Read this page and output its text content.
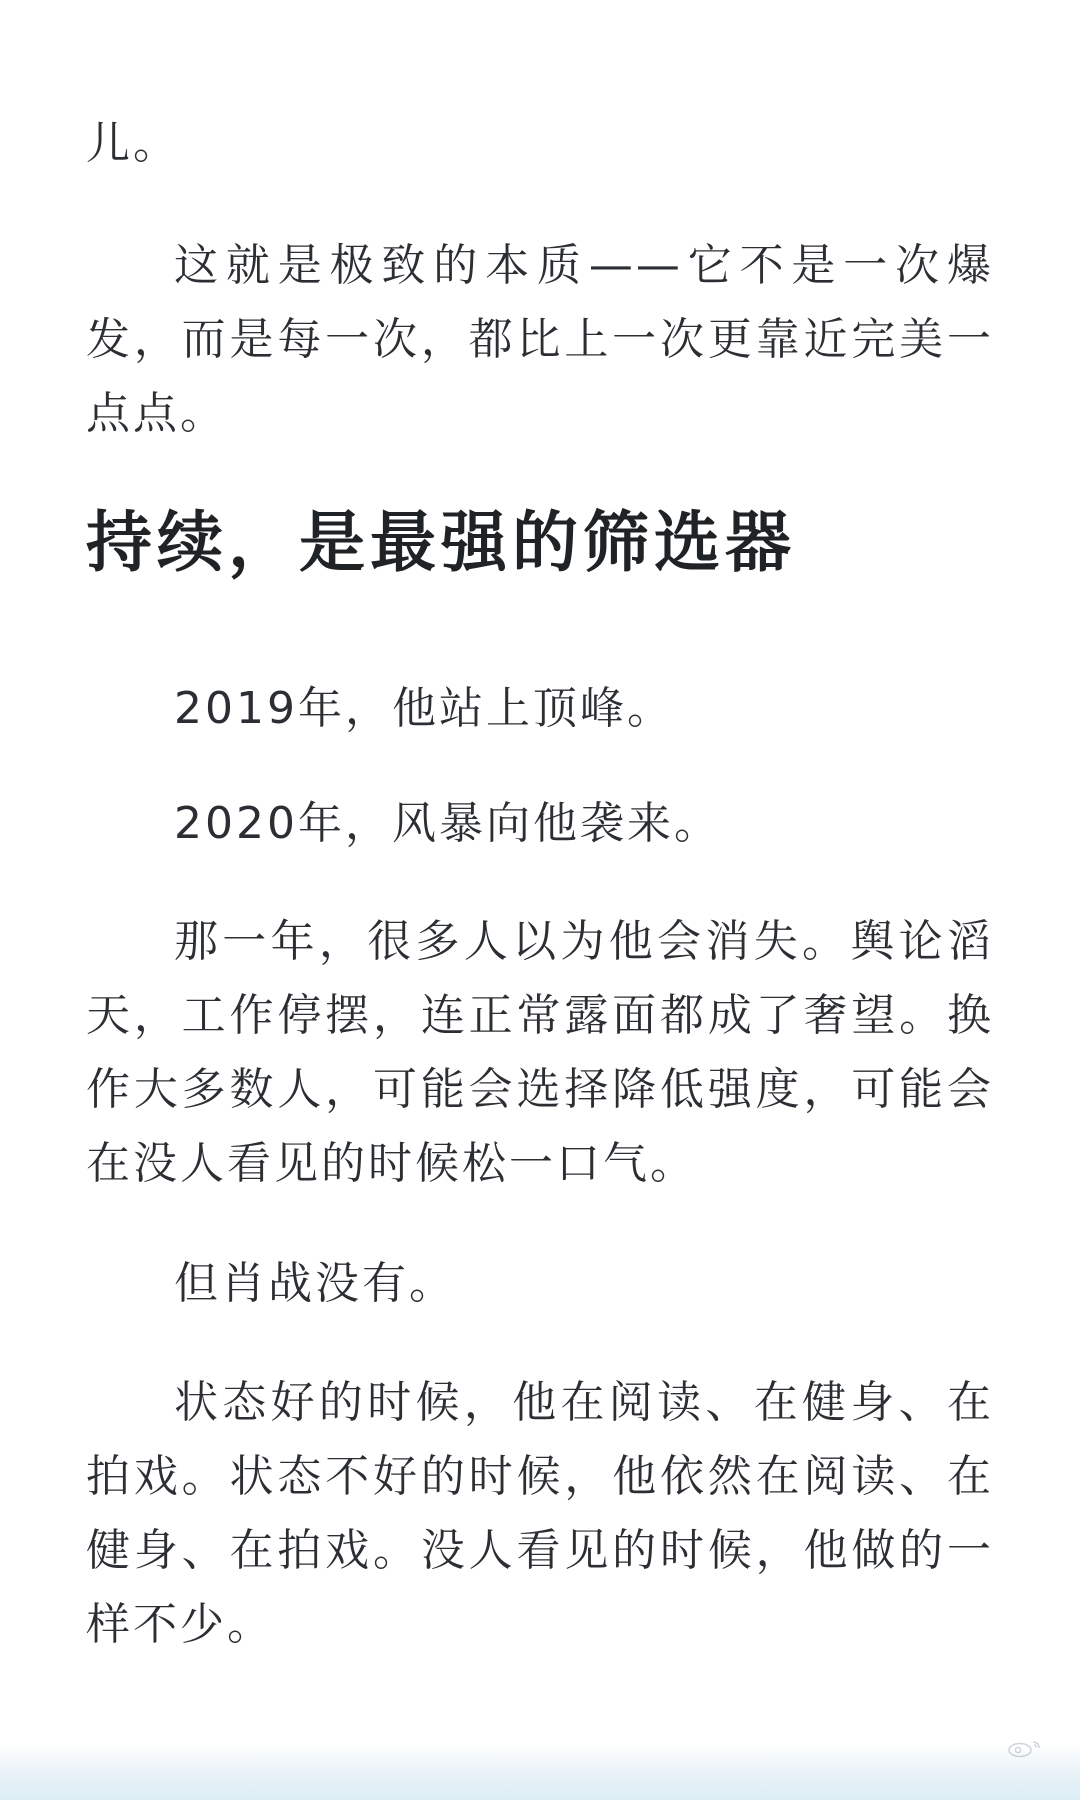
儿。

这就是极致的本质——它不是一次爆发，而是每一次，都比上一次更靠近完美一点点。

持续，是最强的筛选器

2019年，他站上顶峰。

2020年，风暴向他袭来。

那一年，很多人以为他会消失。舆论滔天，工作停摆，连正常露面都成了奢望。换作大多数人，可能会选择降低强度，可能会在没人看见的时候松一口气。

但肖战没有。

状态好的时候，他在阅读、在健身、在拍戏。状态不好的时候，他依然在阅读、在健身、在拍戏。没人看见的时候，他做的一样不少。
